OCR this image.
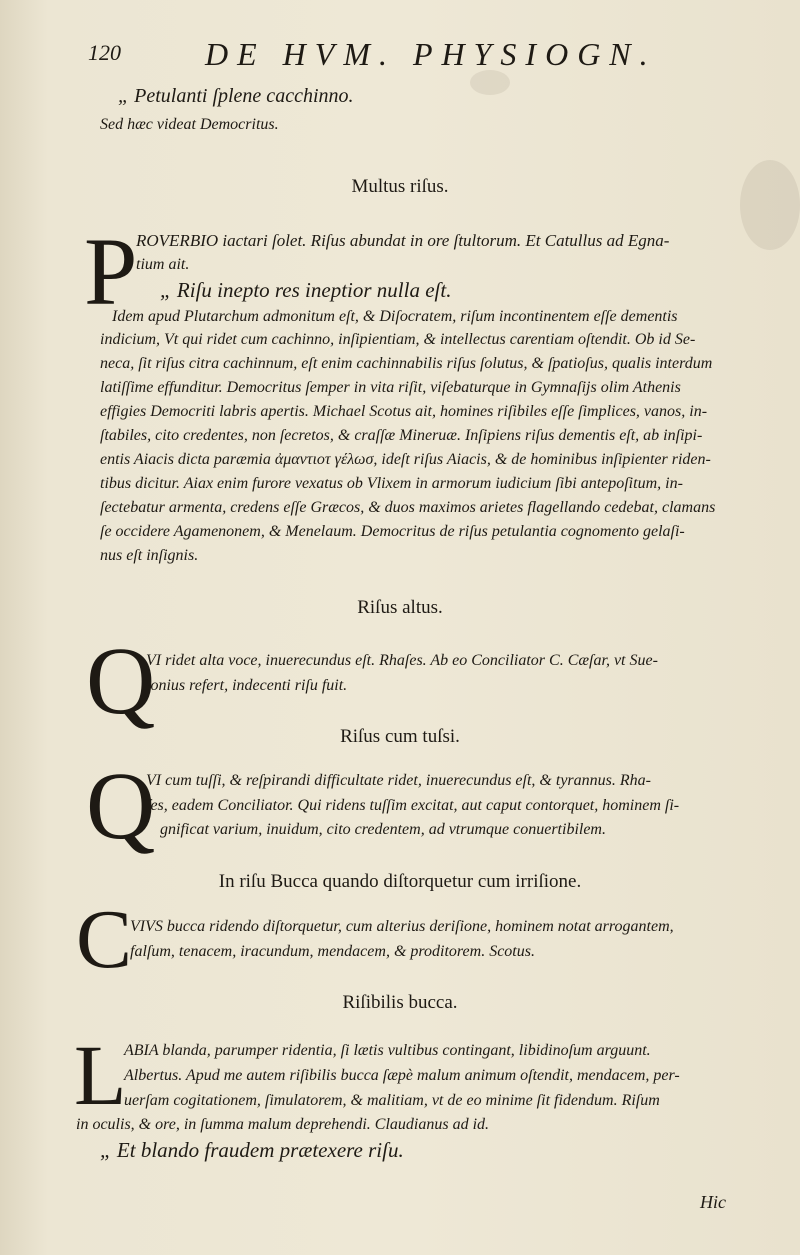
120	DE HVM. PHYSIOGN.
„ Petulanti ſplene cacchinno.
Sed hæc videat Democritus.
Multus riſus.
P
ROVERBIO iactari ſolet. Riſus abundat in ore ſtultorum. Et Catullus ad Egna-
tium ait.
„ Riſu inepto res ineptior nulla eſt.
Idem apud Plutarchum admonitum eſt, & Diſocratem, riſum incontinentem eſſe dementis
indicium, Vt qui ridet cum cachinno, inſipientiam, & intellectus carentiam oſtendit. Ob id Se-
neca, ſit riſus citra cachinnum, eſt enim cachinnabilis riſus ſolutus, & ſpatioſus, qualis interdum
latiſſime effunditur. Democritus ſemper in vita riſit, viſebaturque in Gymnaſijs olim Athenis
effigies Democriti labris apertis. Michael Scotus ait, homines riſibiles eſſe ſimplices, vanos, in-
ſtabiles, cito credentes, non ſecretos, & craſſæ Mineruæ. Inſipiens riſus dementis eſt, ab inſipi-
entis Aiacis dicta paræmia ἀμαντιοτ γέλωσ, ideſt riſus Aiacis, & de hominibus inſipienter riden-
tibus dicitur. Aiax enim furore vexatus ob Vlixem in armorum iudicium ſibi antepoſitum, in-
ſectebatur armenta, credens eſſe Græcos, & duos maximos arietes flagellando cedebat, clamans
ſe occidere Agamenonem, & Menelaum. Democritus de riſus petulantia cognomento gelaſi-
nus eſt inſignis.
Riſus altus.
Q
VI ridet alta voce, inuerecundus eſt. Rhaſes. Ab eo Conciliator C. Cæſar, vt Sue-
tonius refert, indecenti riſu fuit.
Riſus cum tuſsi.
Q
VI cum tuſſi, & reſpirandi difficultate ridet, inuerecundus eſt, & tyrannus. Rha-
ſes, eadem Conciliator. Qui ridens tuſſim excitat, aut caput contorquet, hominem ſi-
gnificat varium, inuidum, cito credentem, ad vtrumque conuertibilem.
In riſu Bucca quando diſtorquetur cum irriſione.
C
VIVS bucca ridendo diſtorquetur, cum alterius deriſione, hominem notat arrogantem,
falſum, tenacem, iracundum, mendacem, & proditorem. Scotus.
Riſibilis bucca.
L
ABIA blanda, parumper ridentia, ſi lætis vultibus contingant, libidinoſum arguunt.
Albertus. Apud me autem riſibilis bucca ſæpè malum animum oſtendit, mendacem, per-
uerſam cogitationem, ſimulatorem, & malitiam, vt de eo minime ſit fidendum. Riſum
in oculis, & ore, in ſumma malum deprehendi. Claudianus ad id.
„ Et blando fraudem prætexere riſu.
Hic
